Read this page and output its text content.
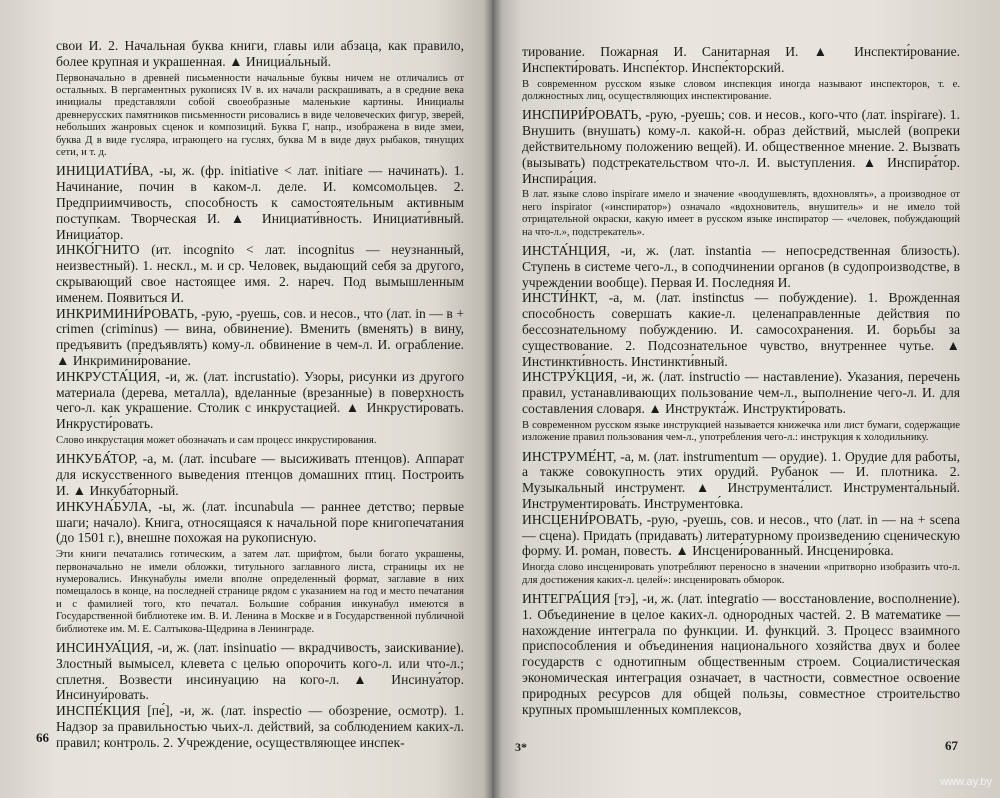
свои И. 2. Начальная буква книги, главы или абзаца, как правило, более крупная и украшенная. ▲ Инициа́льный.

Первоначально в древней письменности начальные буквы ничем не отличались от остальных. В пергаментных рукописях IV в. их начали раскрашивать, а в средние века инициалы представляли собой своеобразные маленькие картины. Инициалы древнерусских памятников письменности рисовались в виде человеческих фигур, зверей, небольших жанровых сценок и композиций. Буква Г, напр., изображена в виде змеи, буква Д в виде гусляра, играющего на гуслях, буква М в виде двух рыбаков, тянущих сети, и т. д.

ИНИЦИАТИ́ВА, -ы, ж. (фр. initiative < лат. initiare — начинать). 1. Начинание, почин в каком-л. деле. И. комсомольцев. 2. Предприимчивость, способность к самостоятельным активным поступкам. Творческая И. ▲ Инициати́вность. Инициати́вный. Инициа́тор.

ИНКО́ГНИТО (ит. incognito < лат. incognitus — неузнанный, неизвестный). 1. нескл., м. и ср. Человек, выдающий себя за другого, скрывающий свое настоящее имя. 2. нареч. Под вымышленным именем. Появиться И.

ИНКРИМИНИ́РОВАТЬ, -рую, -руешь, сов. и несов., что (лат. in — в + crimen (criminus) — вина, обвинение). Вменить (вменять) в вину, предъявить (предъявлять) кому-л. обвинение в чем-л. И. ограбление. ▲ Инкримини́рование.

ИНКРУСТА́ЦИЯ, -и, ж. (лат. incrustatio). Узоры, рисунки из другого материала (дерева, металла), вделанные (врезанные) в поверхность чего-л. как украшение. Столик с инкрустацией. ▲ Инкрусти́ровать. Инкрусти́ровать.

Слово инкрустация может обозначать и сам процесс инкрустирования.

ИНКУБА́ТОР, -а, м. (лат. incubare — высиживать птенцов). Аппарат для искусственного выведения птенцов домашних птиц. Построить И. ▲ Инкуба́торный.

ИНКУНА́БУЛА, -ы, ж. (лат. incunabula — раннее детство; первые шаги; начало). Книга, относящаяся к начальной поре книгопечатания (до 1501 г.), внешне похожая на рукописную.

Эти книги печатались готическим, а затем лат. шрифтом, были богато украшены, первоначально не имели обложки, титульного заглавного листа, страницы их не нумеровались. Инкунабулы имели вполне определенный формат, заглавие в них помещалось в конце, на последней странице рядом с указанием на год и место печатания и с фамилией того, кто печатал. Большие собрания инкунабул имеются в Государственной библиотеке им. В. И. Ленина в Москве и в Государственной публичной библиотеке им. М. Е. Салтыкова-Щедрина в Ленинграде.

ИНСИНУА́ЦИЯ, -и, ж. (лат. insinuatio — вкрадчивость, заискивание). Злостный вымысел, клевета с целью опорочить кого-л. или что-л.; сплетня. Возвести инсинуацию на кого-л. ▲ Инсинуа́тор. Инсинуи́ровать.

ИНСПЕ́КЦИЯ [пе́], -и, ж. (лат. inspectio — обозрение, осмотр). 1. Надзор за правильностью чьих-л. действий, за соблюдением каких-л. правил; контроль. 2. Учреждение, осуществляющее инспек-

66

тирование. Пожарная И. Санитарная И. ▲ Инспекти́рование. Инспекти́ровать. Инспе́ктор. Инспе́кторский.

В современном русском языке словом инспекция иногда называют инспекторов, т. е. должностных лиц, осуществляющих инспектирование.

ИНСПИРИ́РОВАТЬ, -рую, -руешь; сов. и несов., кого-что (лат. inspirare). 1. Внушить (внушать) кому-л. какой-н. образ действий, мыслей (вопреки действительному положению вещей). И. общественное мнение. 2. Вызвать (вызывать) подстрекательством что-л. И. выступления. ▲ Инспира́тор. Инспира́ция.

В лат. языке слово inspirare имело и значение «воодушевлять, вдохновлять», а производное от него inspirator («инспиратор») означало «вдохновитель, внушитель» и не имело той отрицательной окраски, какую имеет в русском языке инспиратор — «человек, побуждающий на что-л.», подстрекатель».

ИНСТА́НЦИЯ, -и, ж. (лат. instantia — непосредственная близость). Ступень в системе чего-л., в соподчинении органов (в судопроизводстве, в учреждении вообще). Первая И. Последняя И.

ИНСТИ́НКТ, -а, м. (лат. instinctus — побуждение). 1. Врожденная способность совершать какие-л. целенаправленные действия по бессознательному побуждению. И. самосохранения. И. борьбы за существование. 2. Подсознательное чувство, внутреннее чутье. ▲ Инстинкти́вность. Инстинкти́вный.

ИНСТРУ́КЦИЯ, -и, ж. (лат. instructio — наставление). Указания, перечень правил, устанавливающих пользование чем-л., выполнение чего-л. И. для составления словаря. ▲ Инструкта́ж. Инструкти́ровать.

В современном русском языке инструкцией называется книжечка или лист бумаги, содержащие изложение правил пользования чем-л., употребления чего-л.: инструкция к холодильнику.

ИНСТРУМЕ́НТ, -а, м. (лат. instrumentum — орудие). 1. Орудие для работы, а также совокупность этих орудий. Рубанок — И. плотника. 2. Музыкальный инструмент. ▲ Инструмента́лист. Инструмента́льный. Инструментирова́ть. Инструменто́вка.

ИНСЦЕНИ́РОВАТЬ, -рую, -руешь, сов. и несов., что (лат. in — на + scena — сцена). Придать (придавать) литературному произведению сценическую форму. И. роман, повесть. ▲ Инсцени́рованный. Инсцениро́вка.

Иногда слово инсценировать употребляют переносно в значении «притворно изобразить что-л. для достижения каких-л. целей»: инсценировать обморок.

ИНТЕГРА́ЦИЯ [тэ], -и, ж. (лат. integratio — восстановление, восполнение). 1. Объединение в целое каких-л. однородных частей. 2. В математике — нахождение интеграла по функции. И. функций. 3. Процесс взаимного приспособления и объединения национального хозяйства двух и более государств с однотипным общественным строем. Социалистическая экономическая интеграция означает, в частности, совместное освоение природных ресурсов для общей пользы, совместное строительство крупных промышленных комплексов,

3*	67
www.ay.by
